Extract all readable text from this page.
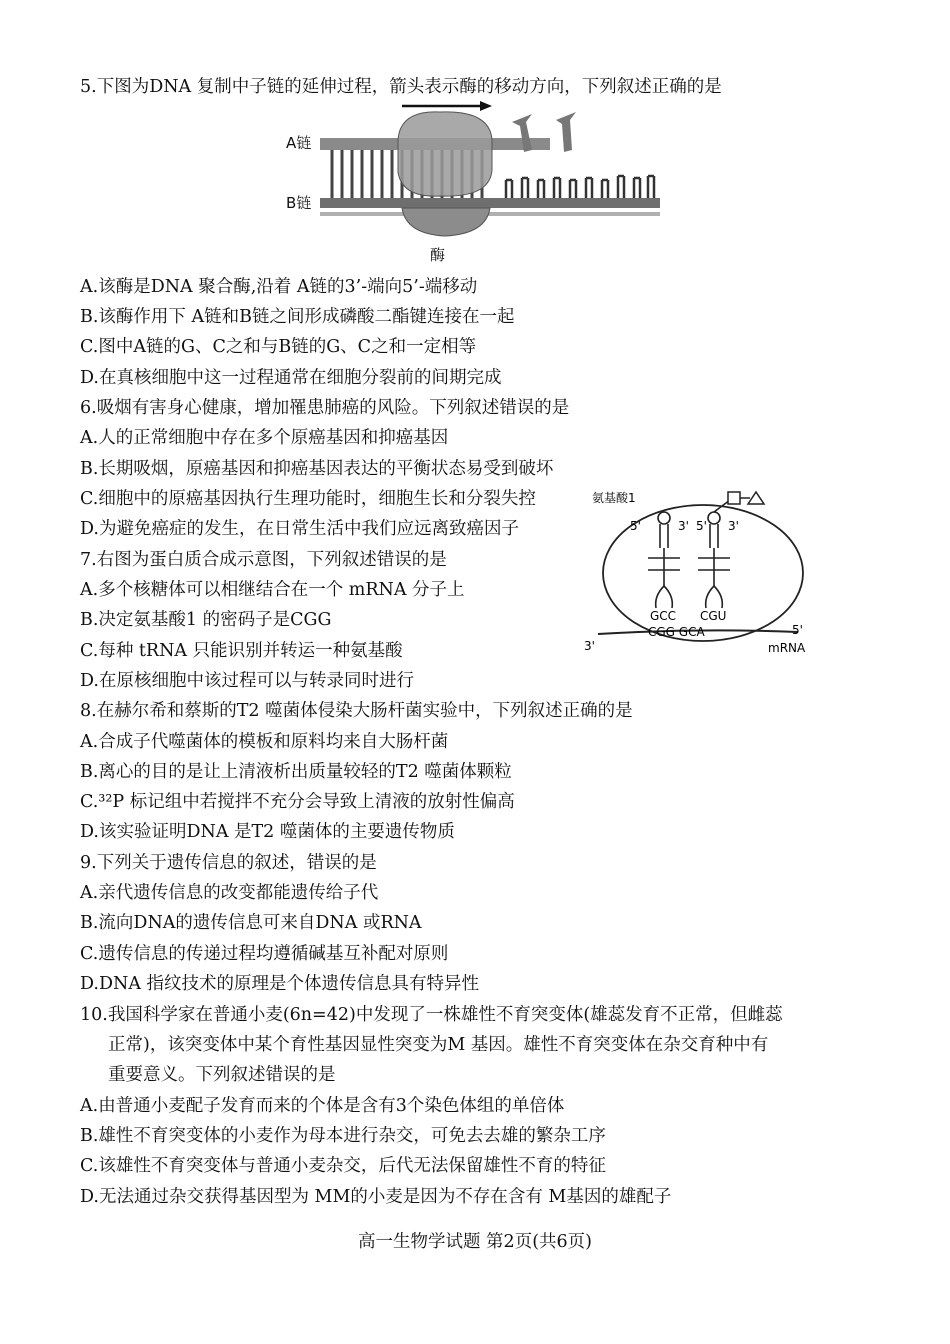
5.下图为DNA 复制中子链的延伸过程，箭头表示酶的移动方向，下列叙述正确的是
A链
B链
酶
A.该酶是DNA 聚合酶,沿着 A链的3’-端向5’-端移动
B.该酶作用下 A链和B链之间形成磷酸二酯键连接在一起
C.图中A链的G、C之和与B链的G、C之和一定相等
D.在真核细胞中这一过程通常在细胞分裂前的间期完成
6.吸烟有害身心健康，增加罹患肺癌的风险。下列叙述错误的是
A.人的正常细胞中存在多个原癌基因和抑癌基因
B.长期吸烟，原癌基因和抑癌基因表达的平衡状态易受到破坏
C.细胞中的原癌基因执行生理功能时，细胞生长和分裂失控
D.为避免癌症的发生，在日常生活中我们应远离致癌因子
7.右图为蛋白质合成示意图，下列叙述错误的是
A.多个核糖体可以相继结合在一个 mRNA 分子上
B.决定氨基酸1 的密码子是CGG
C.每种 tRNA 只能识别并转运一种氨基酸
D.在原核细胞中该过程可以与转录同时进行
氨基酸1
5'	3' 5' 3'
GCC CGU
CGG GCA
3'
5'
mRNA
8.在赫尔希和蔡斯的T2 噬菌体侵染大肠杆菌实验中，下列叙述正确的是
A.合成子代噬菌体的模板和原料均来自大肠杆菌
B.离心的目的是让上清液析出质量较轻的T2 噬菌体颗粒
C.³²P 标记组中若搅拌不充分会导致上清液的放射性偏高
D.该实验证明DNA 是T2 噬菌体的主要遗传物质
9.下列关于遗传信息的叙述，错误的是
A.亲代遗传信息的改变都能遗传给子代
B.流向DNA的遗传信息可来自DNA 或RNA
C.遗传信息的传递过程均遵循碱基互补配对原则
D.DNA 指纹技术的原理是个体遗传信息具有特异性
10.我国科学家在普通小麦(6n=42)中发现了一株雄性不育突变体(雄蕊发育不正常，但雌蕊
正常)，该突变体中某个育性基因显性突变为M 基因。雄性不育突变体在杂交育种中有
重要意义。下列叙述错误的是
A.由普通小麦配子发育而来的个体是含有3个染色体组的单倍体
B.雄性不育突变体的小麦作为母本进行杂交，可免去去雄的繁杂工序
C.该雄性不育突变体与普通小麦杂交，后代无法保留雄性不育的特征
D.无法通过杂交获得基因型为 MM的小麦是因为不存在含有 M基因的雄配子
高一生物学试题 第2页(共6页)
